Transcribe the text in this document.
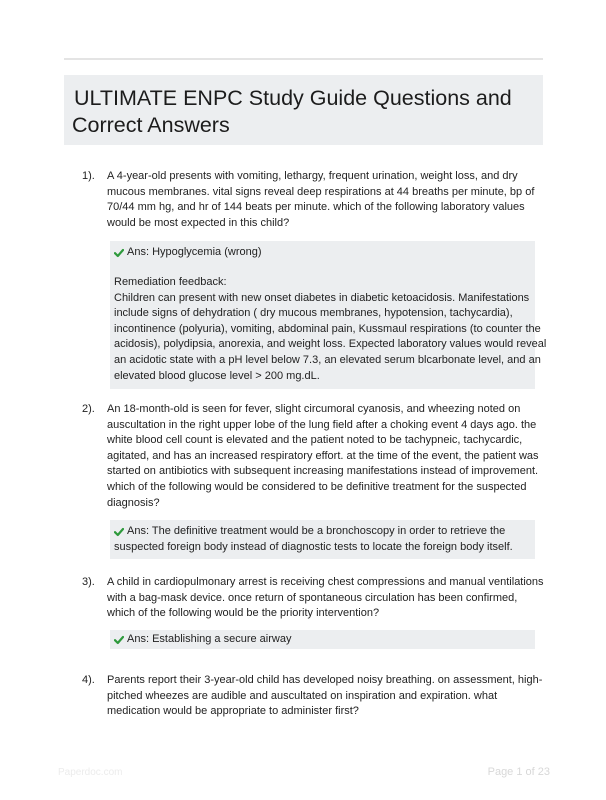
ULTIMATE ENPC Study Guide Questions and
Correct Answers
1). A 4-year-old presents with vomiting, lethargy, frequent urination, weight loss, and dry
mucous membranes. vital signs reveal deep respirations at 44 breaths per minute, bp of
70/44 mm hg, and hr of 144 beats per minute. which of the following laboratory values
would be most expected in this child?
Ans: Hypoglycemia (wrong)
Remediation feedback:
Children can present with new onset diabetes in diabetic ketoacidosis. Manifestations
include signs of dehydration ( dry mucous membranes, hypotension, tachycardia),
incontinence (polyuria), vomiting, abdominal pain, Kussmaul respirations (to counter the
acidosis), polydipsia, anorexia, and weight loss. Expected laboratory values would reveal
an acidotic state with a pH level below 7.3, an elevated serum blcarbonate level, and an
elevated blood glucose level > 200 mg.dL.
2). An 18-month-old is seen for fever, slight circumoral cyanosis, and wheezing noted on
auscultation in the right upper lobe of the lung field after a choking event 4 days ago. the
white blood cell count is elevated and the patient noted to be tachypneic, tachycardic,
agitated, and has an increased respiratory effort. at the time of the event, the patient was
started on antibiotics with subsequent increasing manifestations instead of improvement.
which of the following would be considered to be definitive treatment for the suspected
diagnosis?
Ans: The definitive treatment would be a bronchoscopy in order to retrieve the
suspected foreign body instead of diagnostic tests to locate the foreign body itself.
3). A child in cardiopulmonary arrest is receiving chest compressions and manual ventilations
with a bag-mask device. once return of spontaneous circulation has been confirmed,
which of the following would be the priority intervention?
Ans: Establishing a secure airway
4). Parents report their 3-year-old child has developed noisy breathing. on assessment, high-
pitched wheezes are audible and auscultated on inspiration and expiration. what
medication would be appropriate to administer first?
Paperdoc.com	Page 1 of 23
